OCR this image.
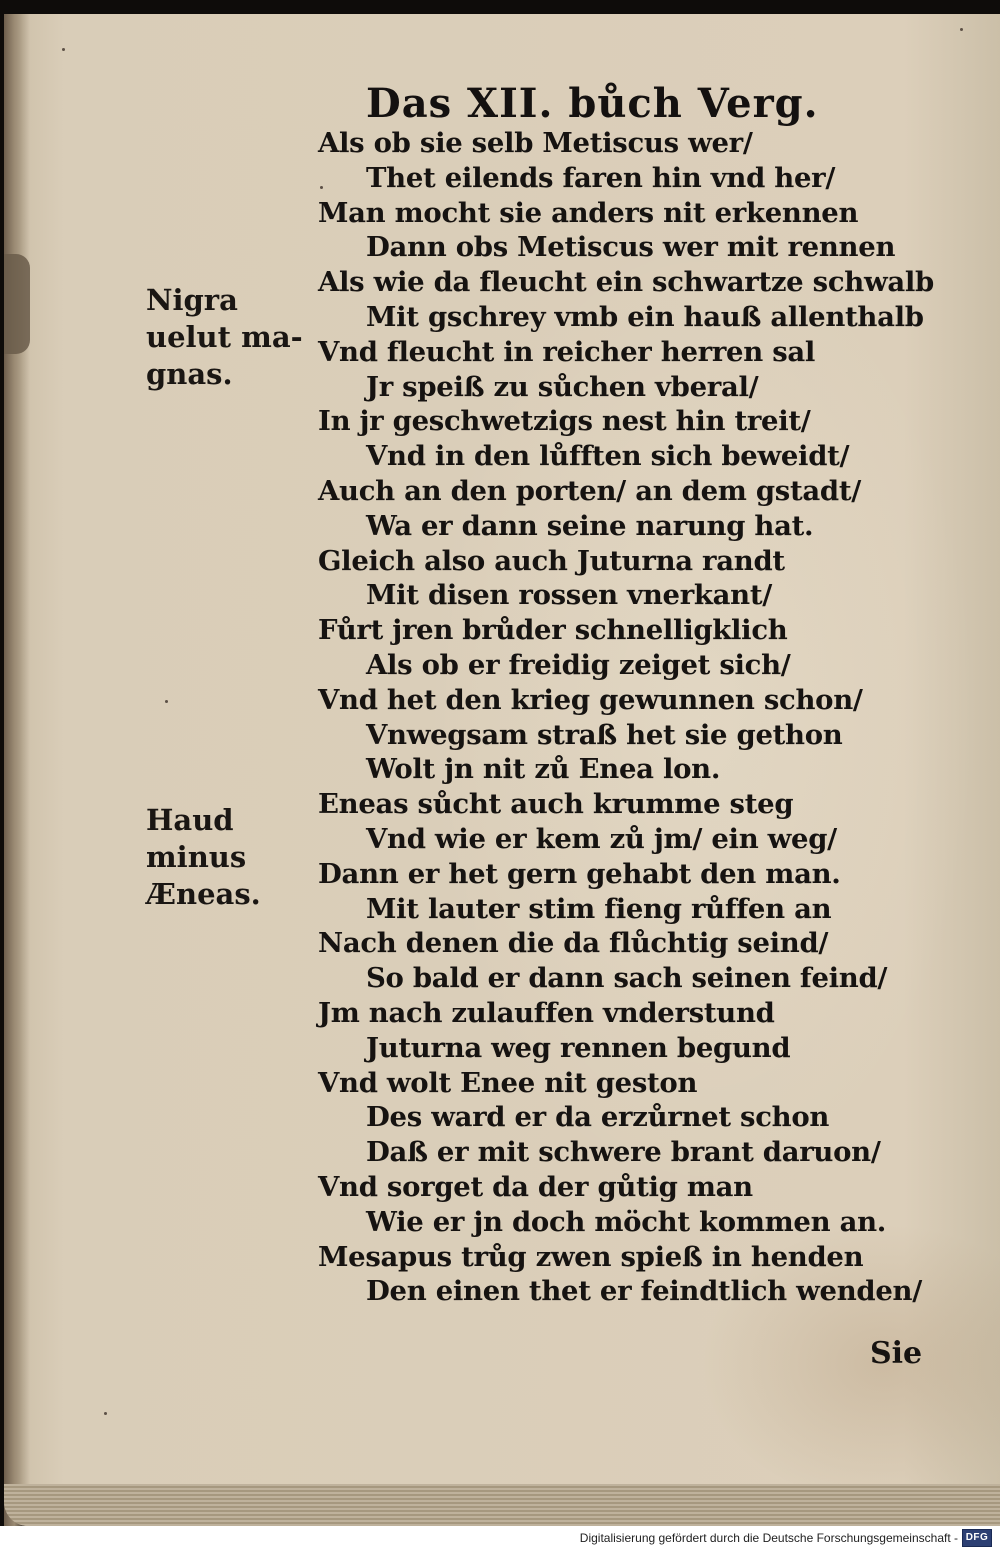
Das XII. bůch Verg.
Als ob sie selb Metiscus wer/
Thet eilends faren hin vnd her/
Man mocht sie anders nit erkennen
Dann obs Metiscus wer mit rennen
Als wie da fleucht ein schwartze schwalb
Mit gschrey vmb ein hauß allenthalb
Vnd fleucht in reicher herren sal
Jr speiß zu sůchen vberal/
In jr geschwetzigs nest hin treit/
Vnd in den lůfften sich beweidt/
Auch an den porten/ an dem gstadt/
Wa er dann seine narung hat.
Gleich also auch Juturna randt
Mit disen rossen vnerkant/
Fůrt jren brůder schnelligklich
Als ob er freidig zeiget sich/
Vnd het den krieg gewunnen schon/
Vnwegsam straß het sie gethon
Wolt jn nit zů Enea lon.
Eneas sůcht auch krumme steg
Vnd wie er kem zů jm/ ein weg/
Dann er het gern gehabt den man.
Mit lauter stim fieng růffen an
Nach denen die da flůchtig seind/
So bald er dann sach seinen feind/
Jm nach zulauffen vnderstund
Juturna weg rennen begund
Vnd wolt Enee nit geston
Des ward er da erzůrnet schon
Daß er mit schwere brant daruon/
Vnd sorget da der gůtig man
Wie er jn doch möcht kommen an.
Mesapus trůg zwen spieß in henden
Den einen thet er feindtlich wenden/
Nigra
uelut ma-
gnas.
Haud
minus
Æneas.
Sie
Digitalisierung gefördert durch die Deutsche Forschungsgemeinschaft - DFG
